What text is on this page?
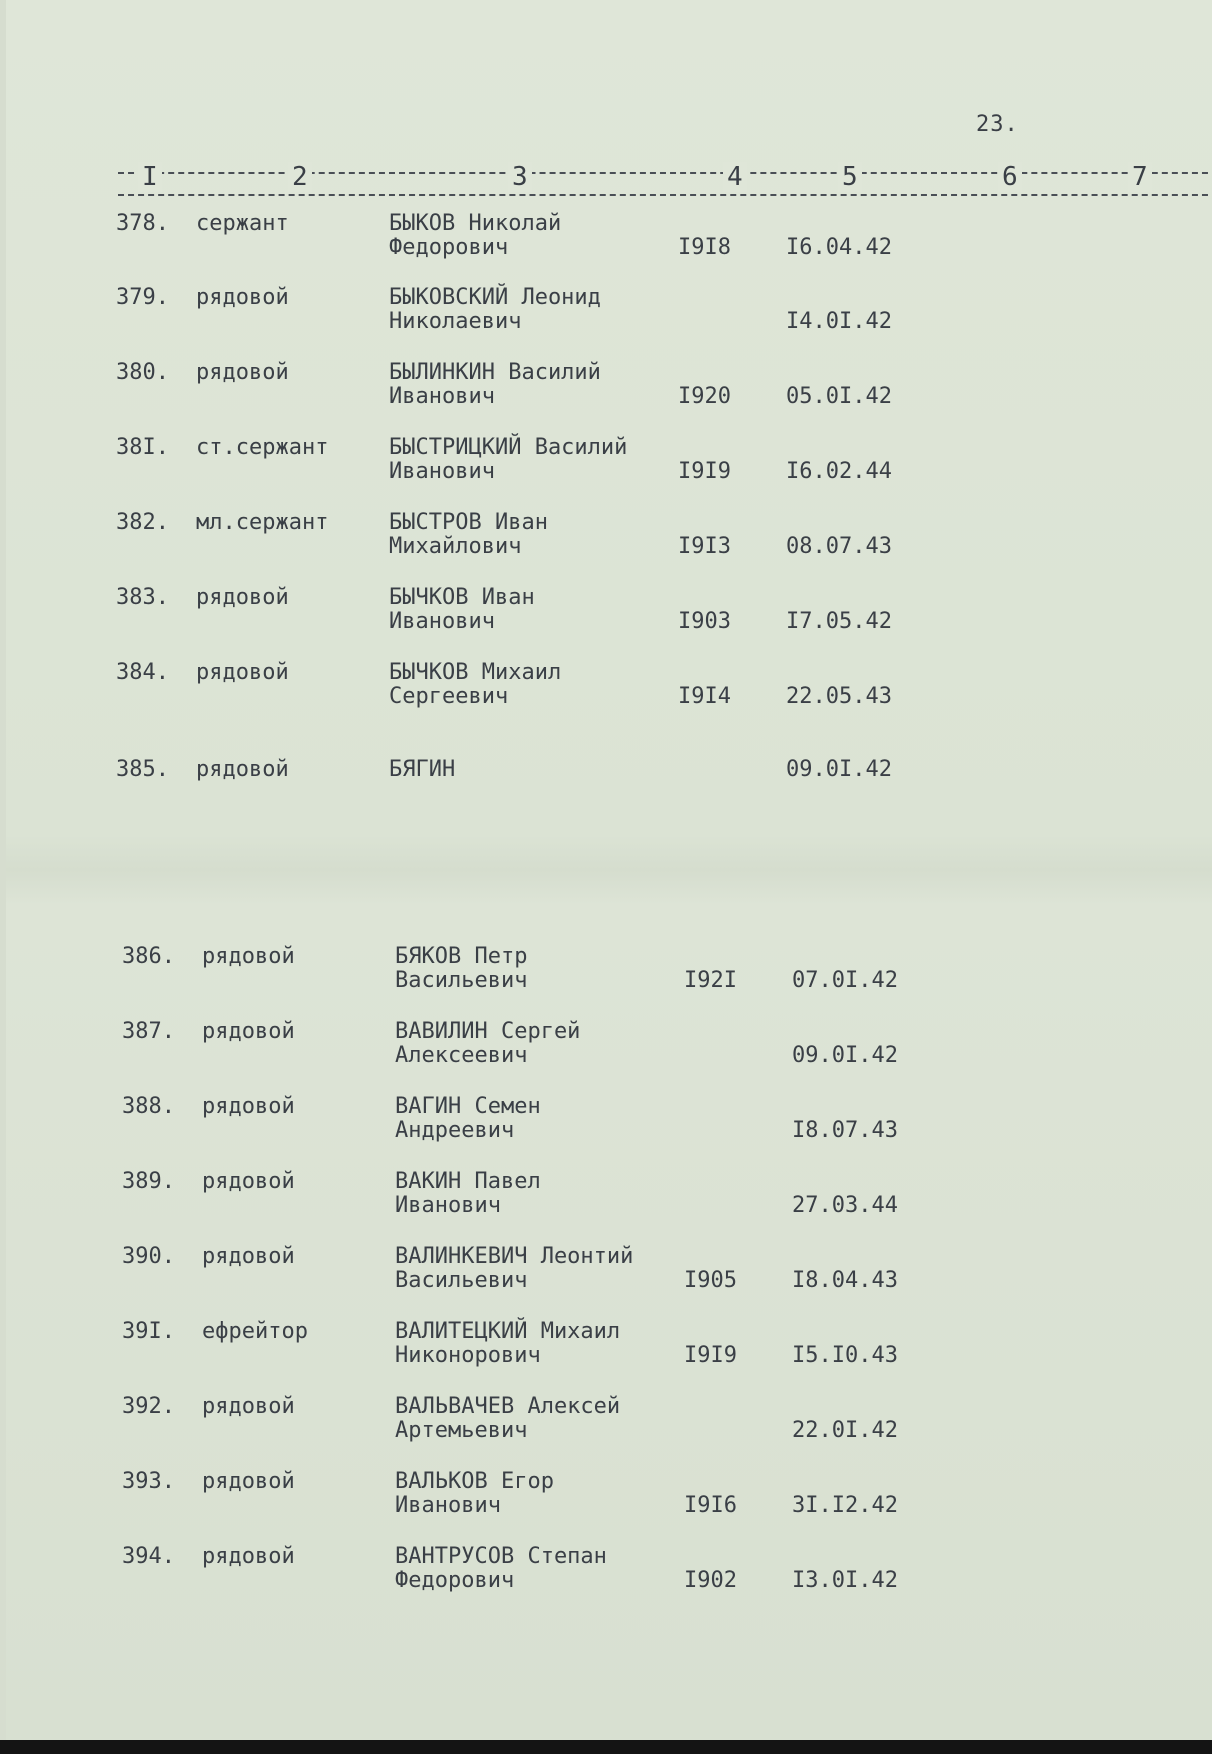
23.
I	2	3	4	5	6	7
378. сержант	БЫКОВ Николай
Федорович	I9I8	I6.04.42
379. рядовой	БЫКОВСКИЙ Леонид
Николаевич	I4.0I.42
380. рядовой	БЫЛИНКИН Василий
Иванович	I920	05.0I.42
38I. ст.сержант	БЫСТРИЦКИЙ Василий
Иванович	I9I9	I6.02.44
382. мл.сержант	БЫСТРОВ Иван
Михайлович	I9I3	08.07.43
383. рядовой	БЫЧКОВ Иван
Иванович	I903	I7.05.42
384. рядовой	БЫЧКОВ Михаил
Сергеевич	I9I4	22.05.43
385. рядовой	БЯГИН	09.0I.42
386. рядовой	БЯКОВ Петр
Васильевич	I92I	07.0I.42
387. рядовой	ВАВИЛИН Сергей
Алексеевич	09.0I.42
388. рядовой	ВАГИН Семен
Андреевич	I8.07.43
389. рядовой	ВАКИН Павел
Иванович	27.03.44
390. рядовой	ВАЛИНКЕВИЧ Леонтий
Васильевич	I905	I8.04.43
39I. ефрейтор	ВАЛИТЕЦКИЙ Михаил
Никонорович	I9I9	I5.I0.43
392. рядовой	ВАЛЬВАЧЕВ Алексей
Артемьевич	22.0I.42
393. рядовой	ВАЛЬКОВ Егор
Иванович	I9I6	3I.I2.42
394. рядовой	ВАНТРУСОВ Степан
Федорович	I902	I3.0I.42
